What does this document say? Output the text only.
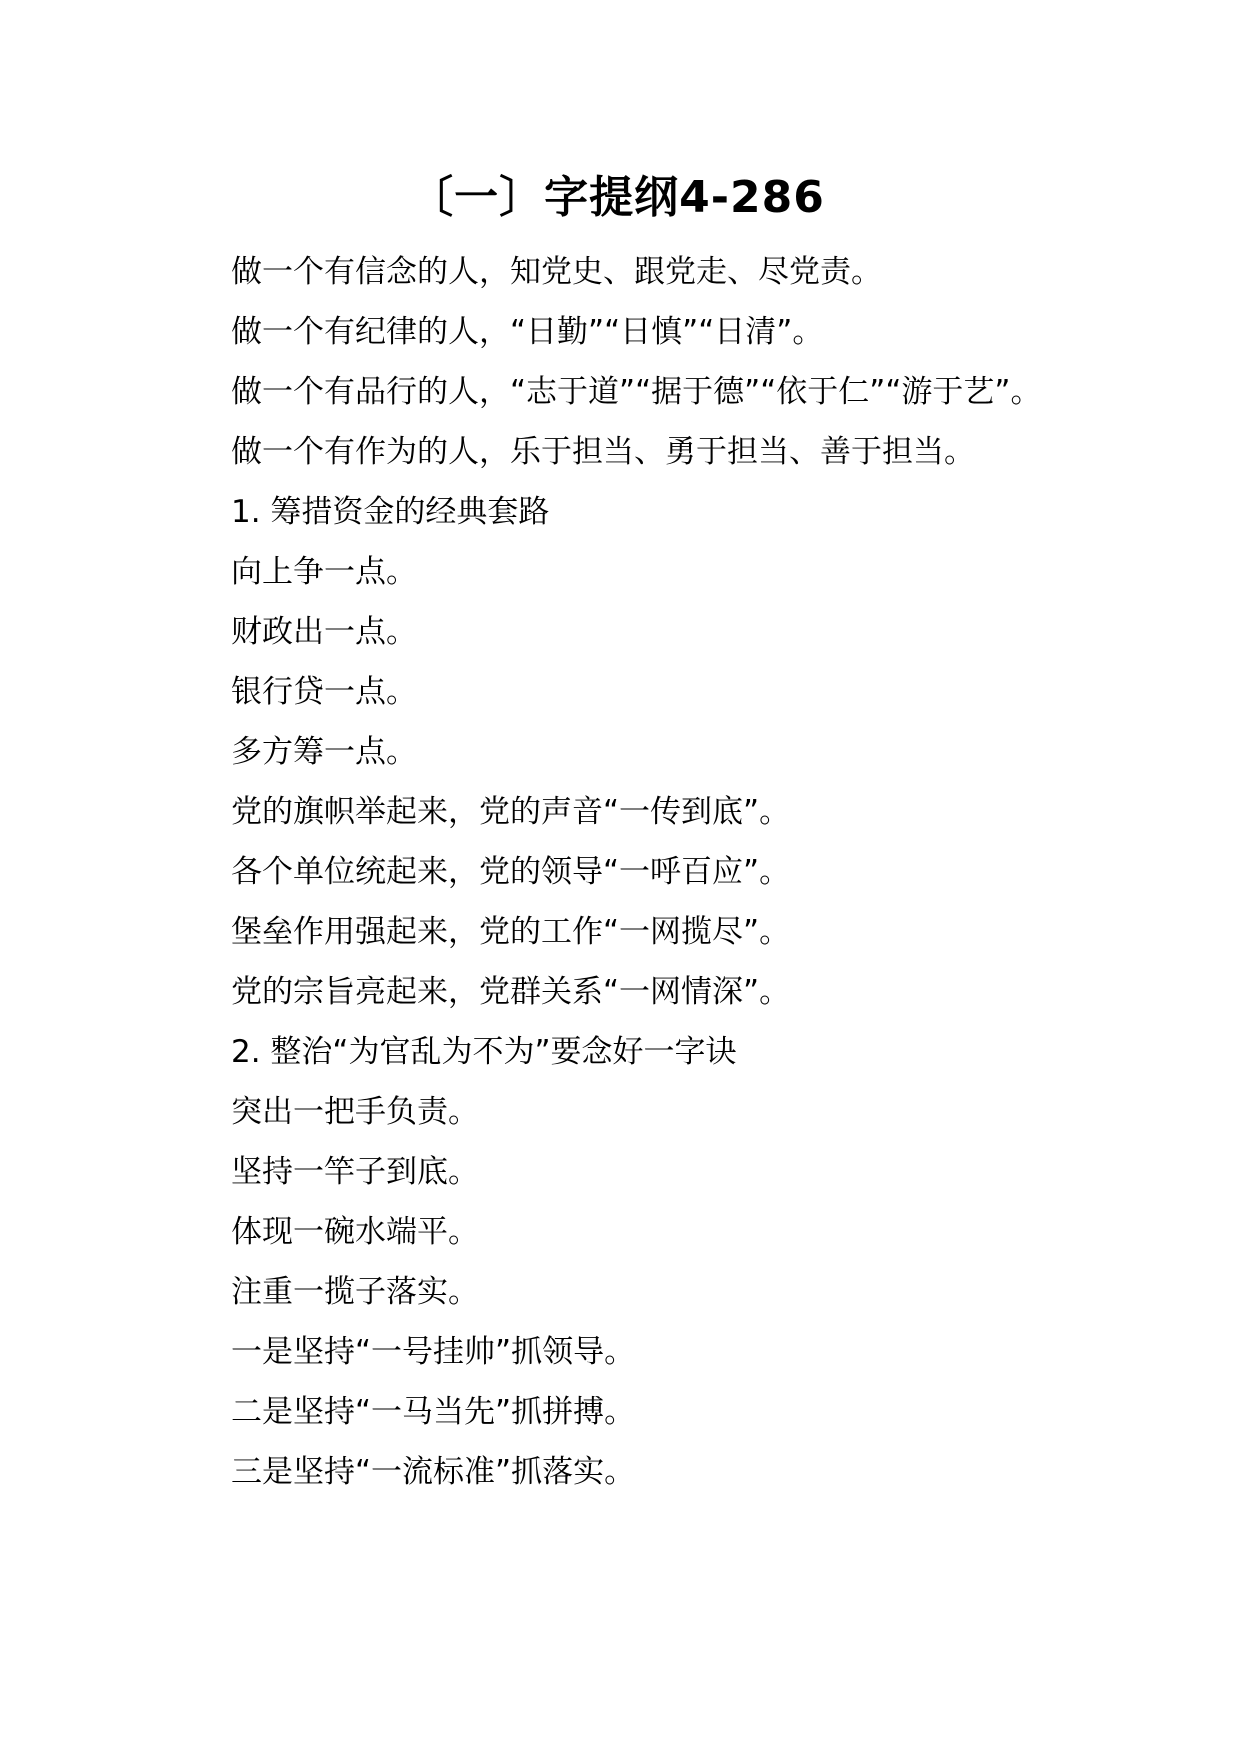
〔一〕字提纲4-286

做一个有信念的人，知党史、跟党走、尽党责。

做一个有纪律的人，“日勤”“日慎”“日清”。

做一个有品行的人，“志于道”“据于德”“依于仁”“游于艺”。

做一个有作为的人，乐于担当、勇于担当、善于担当。

1. 筹措资金的经典套路

向上争一点。

财政出一点。

银行贷一点。

多方筹一点。

党的旗帜举起来，党的声音“一传到底”。

各个单位统起来，党的领导“一呼百应”。

堡垒作用强起来，党的工作“一网揽尽”。

党的宗旨亮起来，党群关系“一网情深”。

2. 整治“为官乱为不为”要念好一字诀

突出一把手负责。

坚持一竿子到底。

体现一碗水端平。

注重一揽子落实。

一是坚持“一号挂帅”抓领导。

二是坚持“一马当先”抓拼搏。

三是坚持“一流标准”抓落实。
